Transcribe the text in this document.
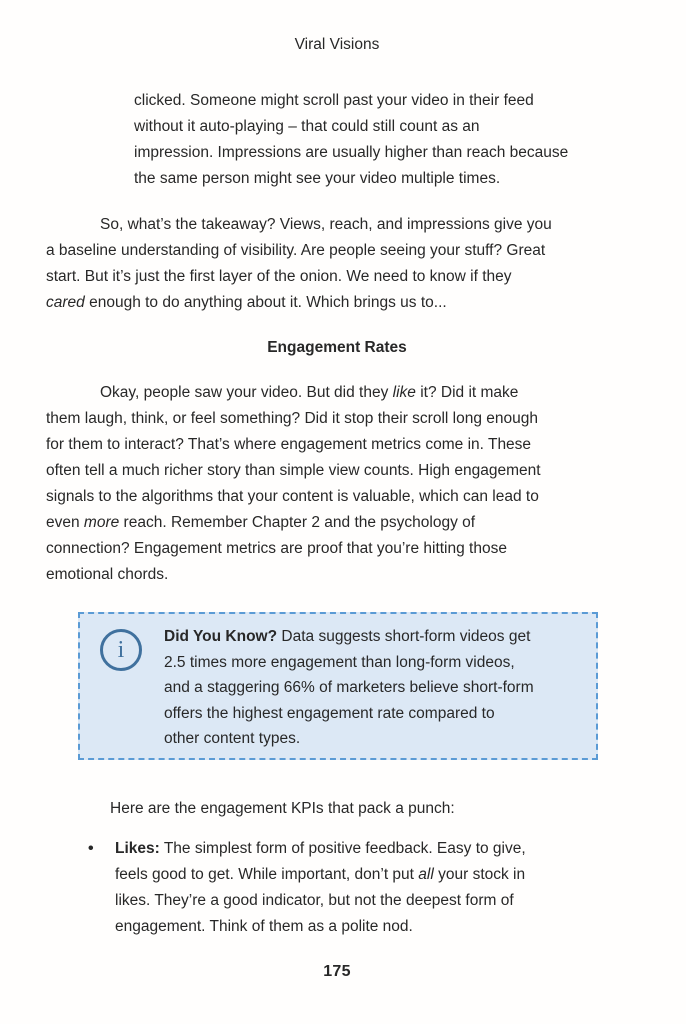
Viral Visions

clicked. Someone might scroll past your video in their feed
without it auto-playing – that could still count as an
impression. Impressions are usually higher than reach because
the same person might see your video multiple times.

So, what’s the takeaway? Views, reach, and impressions give you
a baseline understanding of visibility. Are people seeing your stuff? Great
start. But it’s just the first layer of the onion. We need to know if they
cared enough to do anything about it. Which brings us to...

Engagement Rates

Okay, people saw your video. But did they like it? Did it make
them laugh, think, or feel something? Did it stop their scroll long enough
for them to interact? That’s where engagement metrics come in. These
often tell a much richer story than simple view counts. High engagement
signals to the algorithms that your content is valuable, which can lead to
even more reach. Remember Chapter 2 and the psychology of
connection? Engagement metrics are proof that you’re hitting those
emotional chords.

i
Did You Know? Data suggests short-form videos get
2.5 times more engagement than long-form videos,
and a staggering 66% of marketers believe short-form
offers the highest engagement rate compared to
other content types.

Here are the engagement KPIs that pack a punch:

•	Likes: The simplest form of positive feedback. Easy to give,
feels good to get. While important, don’t put all your stock in
likes. They’re a good indicator, but not the deepest form of
engagement. Think of them as a polite nod.
175
